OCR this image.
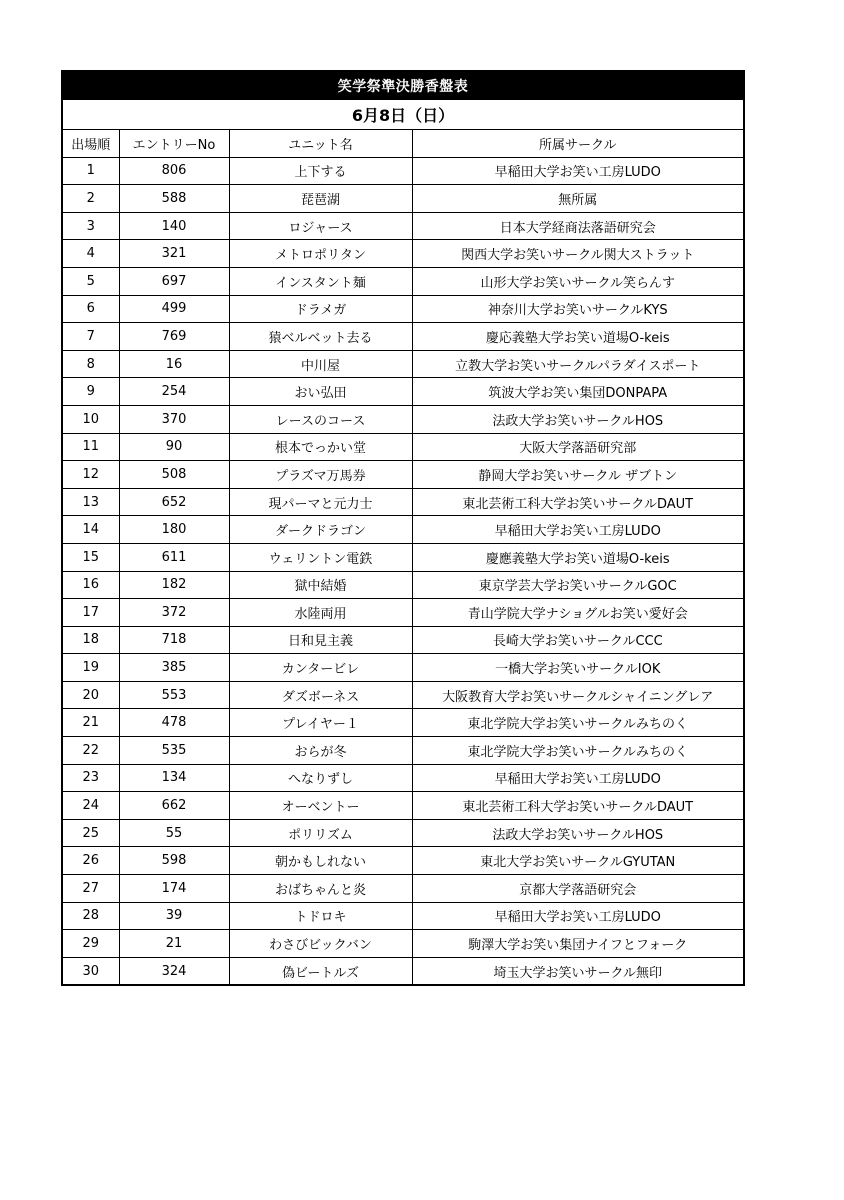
笑学祭準決勝香盤表
6月8日（日）
出場順	エントリーNo	ユニット名	所属サークル
1	806	上下する	早稲田大学お笑い工房LUDO
2	588	琵琶湖	無所属
3	140	ロジャース	日本大学経商法落語研究会
4	321	メトロポリタン	関西大学お笑いサークル関大ストラット
5	697	インスタント麺	山形大学お笑いサークル笑らんす
6	499	ドラメガ	神奈川大学お笑いサークルKYS
7	769	猿ベルベット去る	慶応義塾大学お笑い道場O-keis
8	16	中川屋	立教大学お笑いサークルパラダイスポート
9	254	おい弘田	筑波大学お笑い集団DONPAPA
10	370	レースのコース	法政大学お笑いサークルHOS
11	90	根本でっかい堂	大阪大学落語研究部
12	508	プラズマ万馬券	静岡大学お笑いサークル ザブトン
13	652	現パーマと元力士	東北芸術工科大学お笑いサークルDAUT
14	180	ダークドラゴン	早稲田大学お笑い工房LUDO
15	611	ウェリントン電鉄	慶應義塾大学お笑い道場O-keis
16	182	獄中結婚	東京学芸大学お笑いサークルGOC
17	372	水陸両用	青山学院大学ナショグルお笑い愛好会
18	718	日和見主義	長崎大学お笑いサークルCCC
19	385	カンタービレ	一橋大学お笑いサークルIOK
20	553	ダズボーネス	大阪教育大学お笑いサークルシャイニングレア
21	478	プレイヤー１	東北学院大学お笑いサークルみちのく
22	535	おらが冬	東北学院大学お笑いサークルみちのく
23	134	へなりずし	早稲田大学お笑い工房LUDO
24	662	オーベントー	東北芸術工科大学お笑いサークルDAUT
25	55	ポリリズム	法政大学お笑いサークルHOS
26	598	朝かもしれない	東北大学お笑いサークルGYUTAN
27	174	おばちゃんと炎	京都大学落語研究会
28	39	トドロキ	早稲田大学お笑い工房LUDO
29	21	わさびビックバン	駒澤大学お笑い集団ナイフとフォーク
30	324	偽ビートルズ	埼玉大学お笑いサークル無印
